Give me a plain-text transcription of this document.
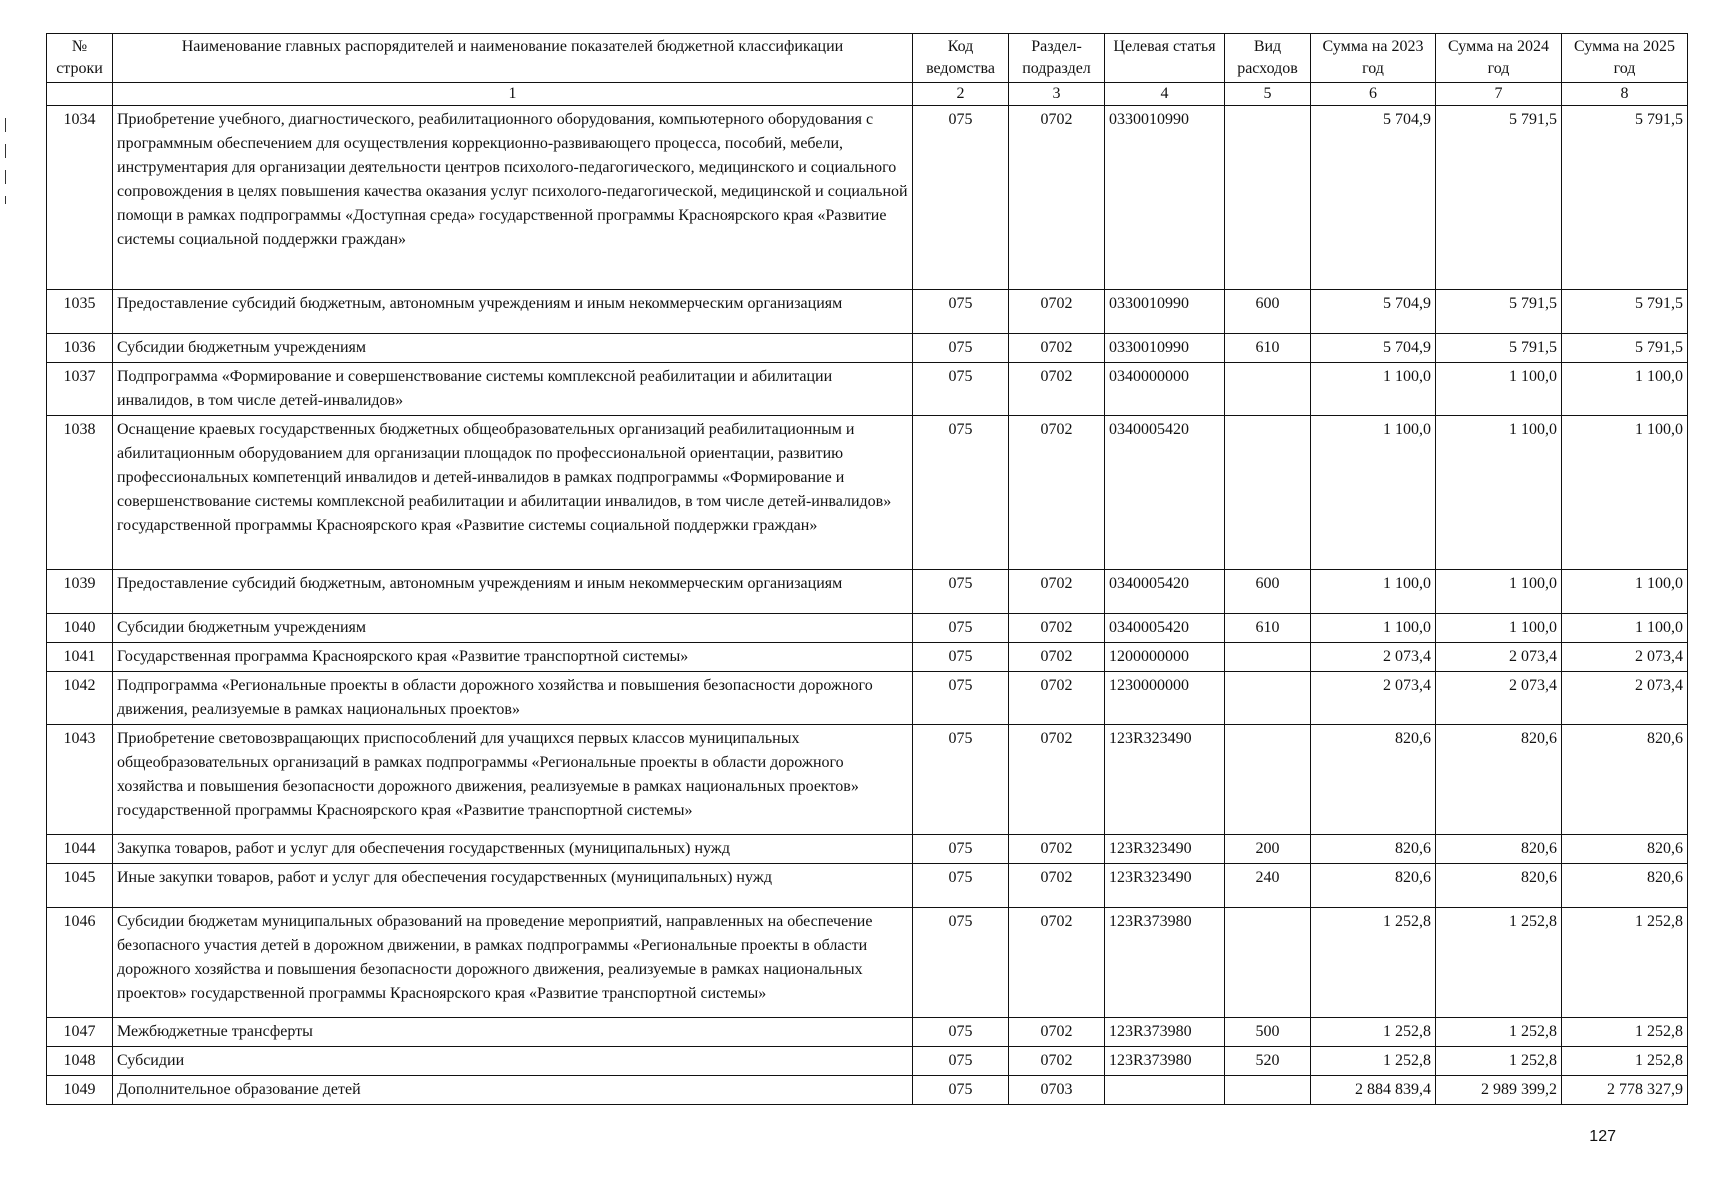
№ строки	Наименование главных распорядителей и наименование показателей бюджетной классификации	Код ведомства	Раздел-подраздел	Целевая статья	Вид расходов	Сумма на 2023 год	Сумма на 2024 год	Сумма на 2025 год
	1	2	3	4	5	6	7	8
1034	Приобретение учебного, диагностического, реабилитационного оборудования, компьютерного оборудования с программным обеспечением для осуществления коррекционно-развивающего процесса, пособий, мебели, инструментария для организации деятельности центров психолого-педагогического, медицинского и социального сопровождения в целях повышения качества оказания услуг психолого-педагогической, медицинской и социальной помощи в рамках подпрограммы «Доступная среда» государственной программы Красноярского края «Развитие системы социальной поддержки граждан»	075	0702	0330010990		5 704,9	5 791,5	5 791,5
1035	Предоставление субсидий бюджетным, автономным учреждениям и иным некоммерческим организациям	075	0702	0330010990	600	5 704,9	5 791,5	5 791,5
1036	Субсидии бюджетным учреждениям	075	0702	0330010990	610	5 704,9	5 791,5	5 791,5
1037	Подпрограмма «Формирование и совершенствование системы комплексной реабилитации и абилитации инвалидов, в том числе детей-инвалидов»	075	0702	0340000000		1 100,0	1 100,0	1 100,0
1038	Оснащение краевых государственных бюджетных общеобразовательных организаций реабилитационным и абилитационным оборудованием для организации площадок по профессиональной ориентации, развитию профессиональных компетенций инвалидов и детей-инвалидов в рамках подпрограммы «Формирование и совершенствование системы комплексной реабилитации и абилитации инвалидов, в том числе детей-инвалидов» государственной программы Красноярского края «Развитие системы социальной поддержки граждан»	075	0702	0340005420		1 100,0	1 100,0	1 100,0
1039	Предоставление субсидий бюджетным, автономным учреждениям и иным некоммерческим организациям	075	0702	0340005420	600	1 100,0	1 100,0	1 100,0
1040	Субсидии бюджетным учреждениям	075	0702	0340005420	610	1 100,0	1 100,0	1 100,0
1041	Государственная программа Красноярского края «Развитие транспортной системы»	075	0702	1200000000		2 073,4	2 073,4	2 073,4
1042	Подпрограмма «Региональные проекты в области дорожного хозяйства и повышения безопасности дорожного движения, реализуемые в рамках национальных проектов»	075	0702	1230000000		2 073,4	2 073,4	2 073,4
1043	Приобретение световозвращающих приспособлений для учащихся первых классов муниципальных общеобразовательных организаций в рамках подпрограммы «Региональные проекты в области дорожного хозяйства и повышения безопасности дорожного движения, реализуемые в рамках национальных проектов» государственной программы Красноярского края «Развитие транспортной системы»	075	0702	123R323490		820,6	820,6	820,6
1044	Закупка товаров, работ и услуг для обеспечения государственных (муниципальных) нужд	075	0702	123R323490	200	820,6	820,6	820,6
1045	Иные закупки товаров, работ и услуг для обеспечения государственных (муниципальных) нужд	075	0702	123R323490	240	820,6	820,6	820,6
1046	Субсидии бюджетам муниципальных образований на проведение мероприятий, направленных на обеспечение безопасного участия детей в дорожном движении, в рамках подпрограммы «Региональные проекты в области дорожного хозяйства и повышения безопасности дорожного движения, реализуемые в рамках национальных проектов» государственной программы Красноярского края «Развитие транспортной системы»	075	0702	123R373980		1 252,8	1 252,8	1 252,8
1047	Межбюджетные трансферты	075	0702	123R373980	500	1 252,8	1 252,8	1 252,8
1048	Субсидии	075	0702	123R373980	520	1 252,8	1 252,8	1 252,8
1049	Дополнительное образование детей	075	0703			2 884 839,4	2 989 399,2	2 778 327,9
127
